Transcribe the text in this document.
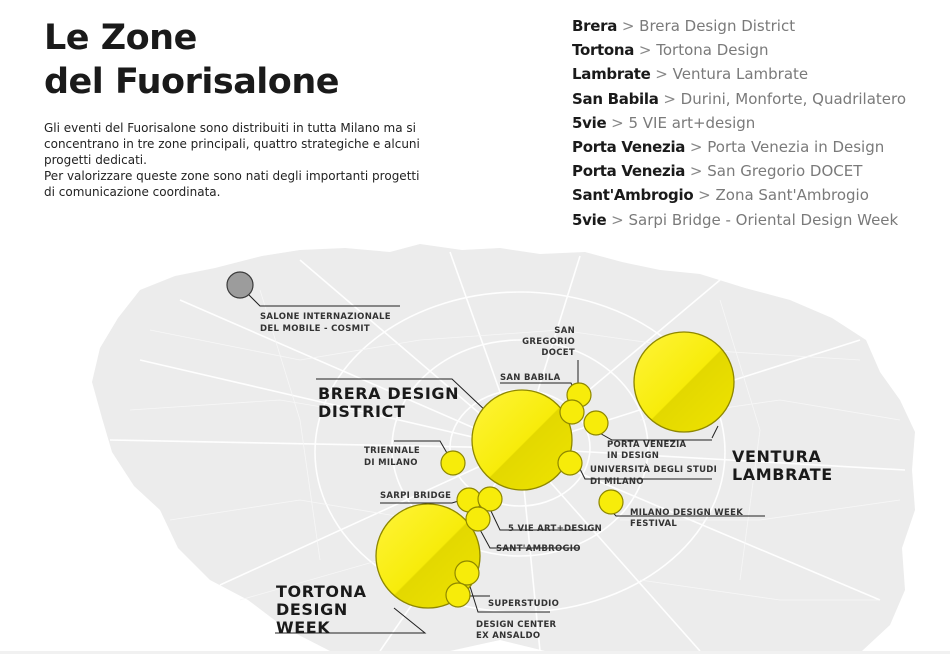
Le Zone
del Fuorisalone

Gli eventi del Fuorisalone sono distribuiti in tutta Milano ma si
concentrano in tre zone principali, quattro strategiche e alcuni
progetti dedicati.
Per valorizzare queste zone sono nati degli importanti progetti
di comunicazione coordinata.

Brera > Brera Design District
Tortona > Tortona Design
Lambrate > Ventura Lambrate
San Babila > Durini, Monforte, Quadrilatero
5vie > 5 VIE art+design
Porta Venezia > Porta Venezia in Design
Porta Venezia > San Gregorio DOCET
Sant'Ambrogio > Zona Sant'Ambrogio
5vie > Sarpi Bridge - Oriental Design Week
SALONE INTERNAZIONALE
DEL MOBILE - COSMIT	SAN
GREGORIO
DOCET
SAN BABILA
TRIENNALE
DI MILANO
PORTA VENEZIA
IN DESIGN
UNIVERSITÀ DEGLI STUDI
DI MILANO
SARPI BRIDGE
MILANO DESIGN WEEK
FESTIVAL
5 VIE ART+DESIGN
SANT'AMBROGIO
SUPERSTUDIO
DESIGN CENTER
EX ANSALDO
BRERA DESIGN
DISTRICT
VENTURA
LAMBRATE
TORTONA
DESIGN
WEEK
